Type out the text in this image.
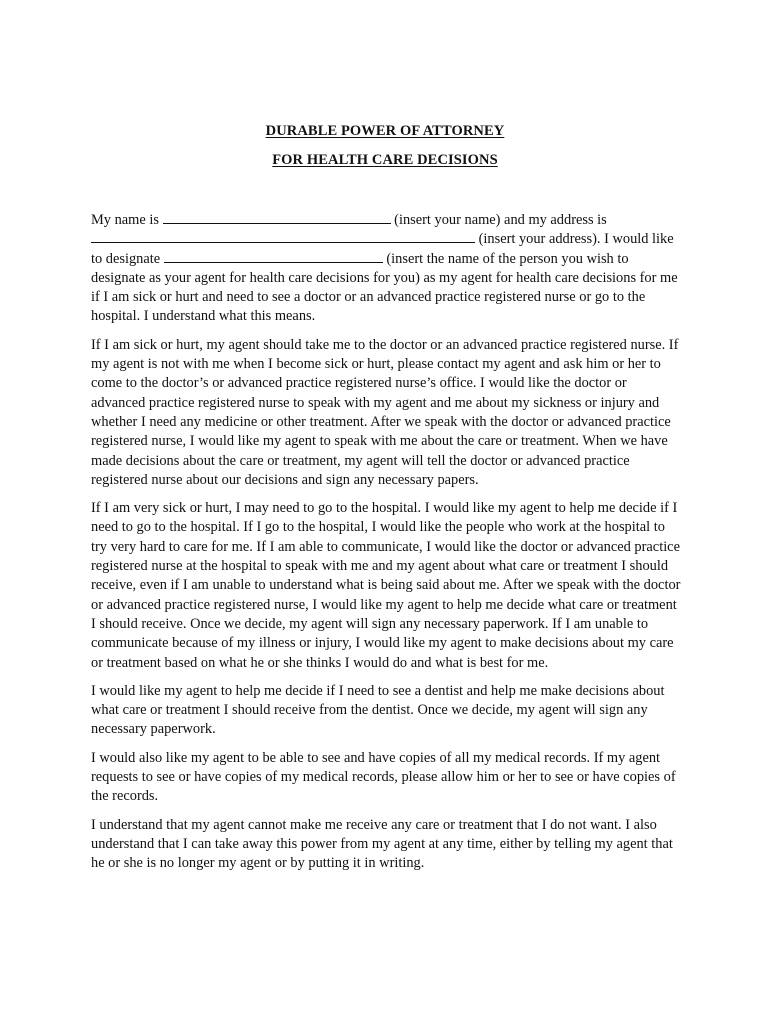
DURABLE POWER OF ATTORNEY
FOR HEALTH CARE DECISIONS

My name is	(insert your name) and my address is  (insert your address). I would like to designate	(insert the name of the person you wish to designate as your agent for health care decisions for you) as my agent for health care decisions for me if I am sick or hurt and need to see a doctor or an advanced practice registered nurse or go to the hospital. I understand what this means.

If I am sick or hurt, my agent should take me to the doctor or an advanced practice registered nurse. If my agent is not with me when I become sick or hurt, please contact my agent and ask him or her to come to the doctor’s or advanced practice registered nurse’s office. I would like the doctor or advanced practice registered nurse to speak with my agent and me about my sickness or injury and whether I need any medicine or other treatment. After we speak with the doctor or advanced practice registered nurse, I would like my agent to speak with me about the care or treatment. When we have made decisions about the care or treatment, my agent will tell the doctor or advanced practice registered nurse about our decisions and sign any necessary papers.

If I am very sick or hurt, I may need to go to the hospital. I would like my agent to help me decide if I need to go to the hospital. If I go to the hospital, I would like the people who work at the hospital to try very hard to care for me. If I am able to communicate, I would like the doctor or advanced practice registered nurse at the hospital to speak with me and my agent about what care or treatment I should receive, even if I am unable to understand what is being said about me. After we speak with the doctor or advanced practice registered nurse, I would like my agent to help me decide what care or treatment I should receive. Once we decide, my agent will sign any necessary paperwork. If I am unable to communicate because of my illness or injury, I would like my agent to make decisions about my care or treatment based on what he or she thinks I would do and what is best for me.

I would like my agent to help me decide if I need to see a dentist and help me make decisions about what care or treatment I should receive from the dentist. Once we decide, my agent will sign any necessary paperwork.

I would also like my agent to be able to see and have copies of all my medical records. If my agent requests to see or have copies of my medical records, please allow him or her to see or have copies of the records.

I understand that my agent cannot make me receive any care or treatment that I do not want. I also understand that I can take away this power from my agent at any time, either by telling my agent that he or she is no longer my agent or by putting it in writing.
